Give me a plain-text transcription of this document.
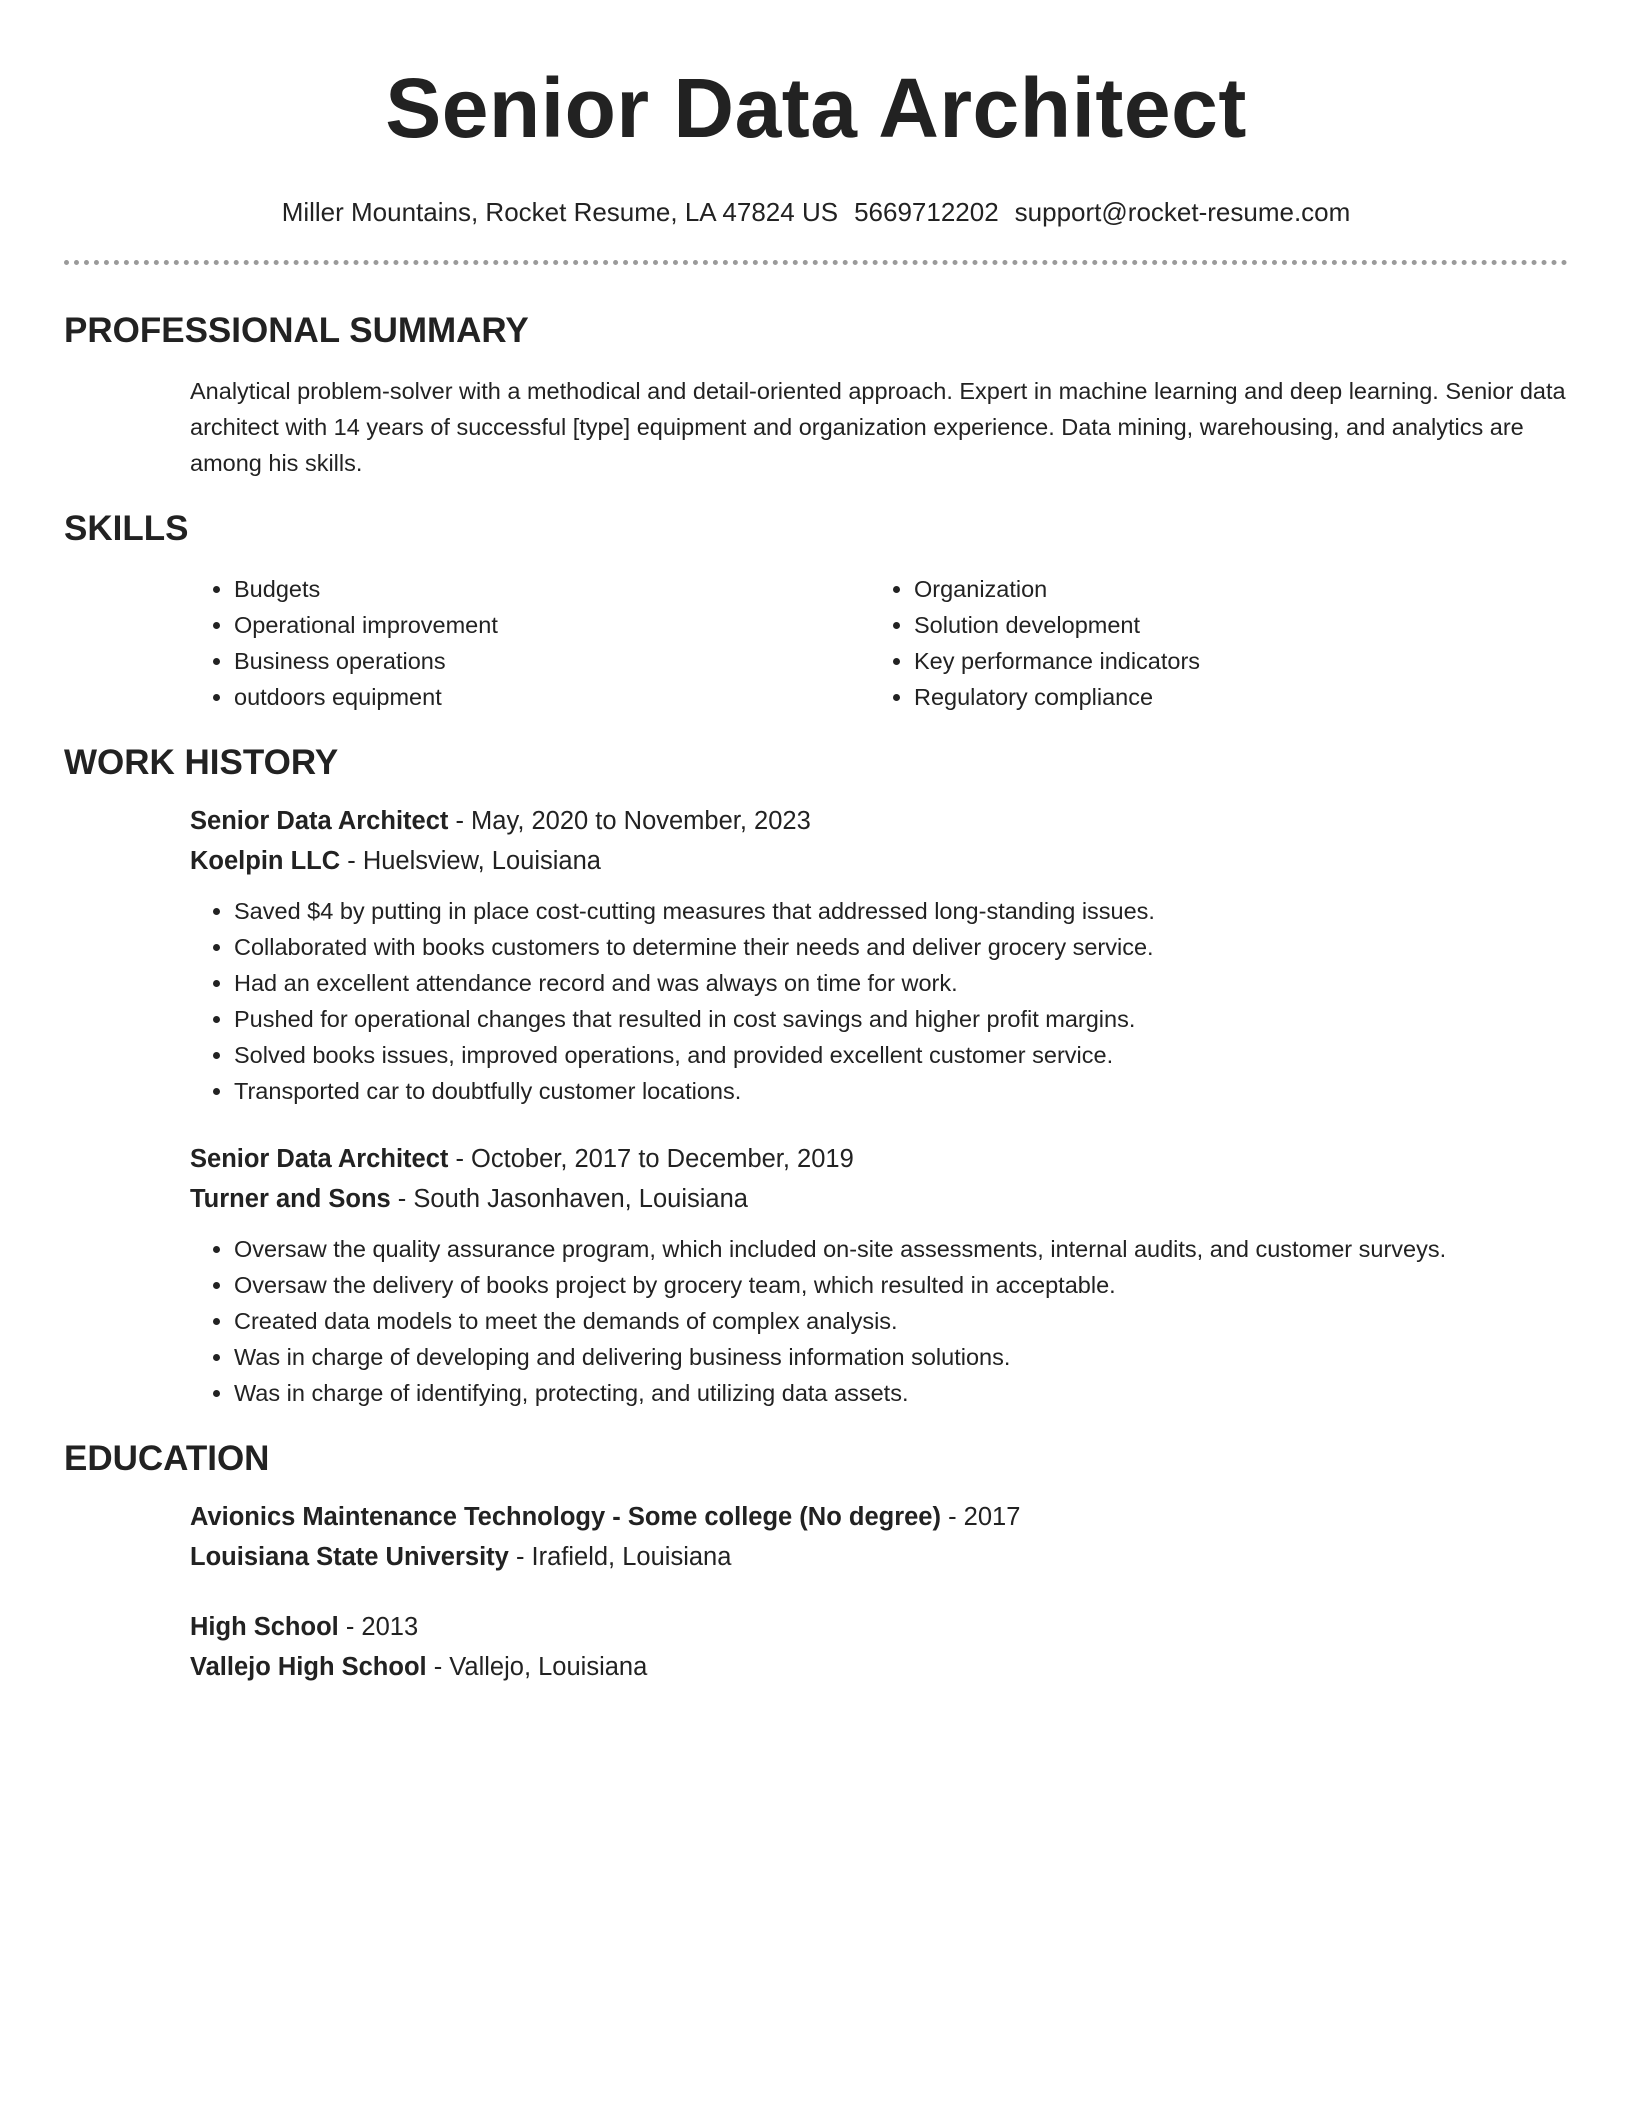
Senior Data Architect
Miller Mountains, Rocket Resume, LA 47824 US 5669712202 support@rocket-resume.com
PROFESSIONAL SUMMARY

Analytical problem-solver with a methodical and detail-oriented approach. Expert in machine learning and deep learning. Senior data architect with 14 years of successful [type] equipment and organization experience. Data mining, warehousing, and analytics are among his skills.

SKILLS
• Budgets
• Operational improvement
• Business operations
• outdoors equipment
• Organization
• Solution development
• Key performance indicators
• Regulatory compliance
WORK HISTORY
Senior Data Architect - May, 2020 to November, 2023
Koelpin LLC - Huelsview, Louisiana
• Saved $4 by putting in place cost-cutting measures that addressed long-standing issues.
• Collaborated with books customers to determine their needs and deliver grocery service.
• Had an excellent attendance record and was always on time for work.
• Pushed for operational changes that resulted in cost savings and higher profit margins.
• Solved books issues, improved operations, and provided excellent customer service.
• Transported car to doubtfully customer locations.
Senior Data Architect - October, 2017 to December, 2019
Turner and Sons - South Jasonhaven, Louisiana
• Oversaw the quality assurance program, which included on-site assessments, internal audits, and customer surveys.
• Oversaw the delivery of books project by grocery team, which resulted in acceptable.
• Created data models to meet the demands of complex analysis.
• Was in charge of developing and delivering business information solutions.
• Was in charge of identifying, protecting, and utilizing data assets.
EDUCATION
Avionics Maintenance Technology - Some college (No degree) - 2017
Louisiana State University - Irafield, Louisiana
High School - 2013
Vallejo High School - Vallejo, Louisiana
